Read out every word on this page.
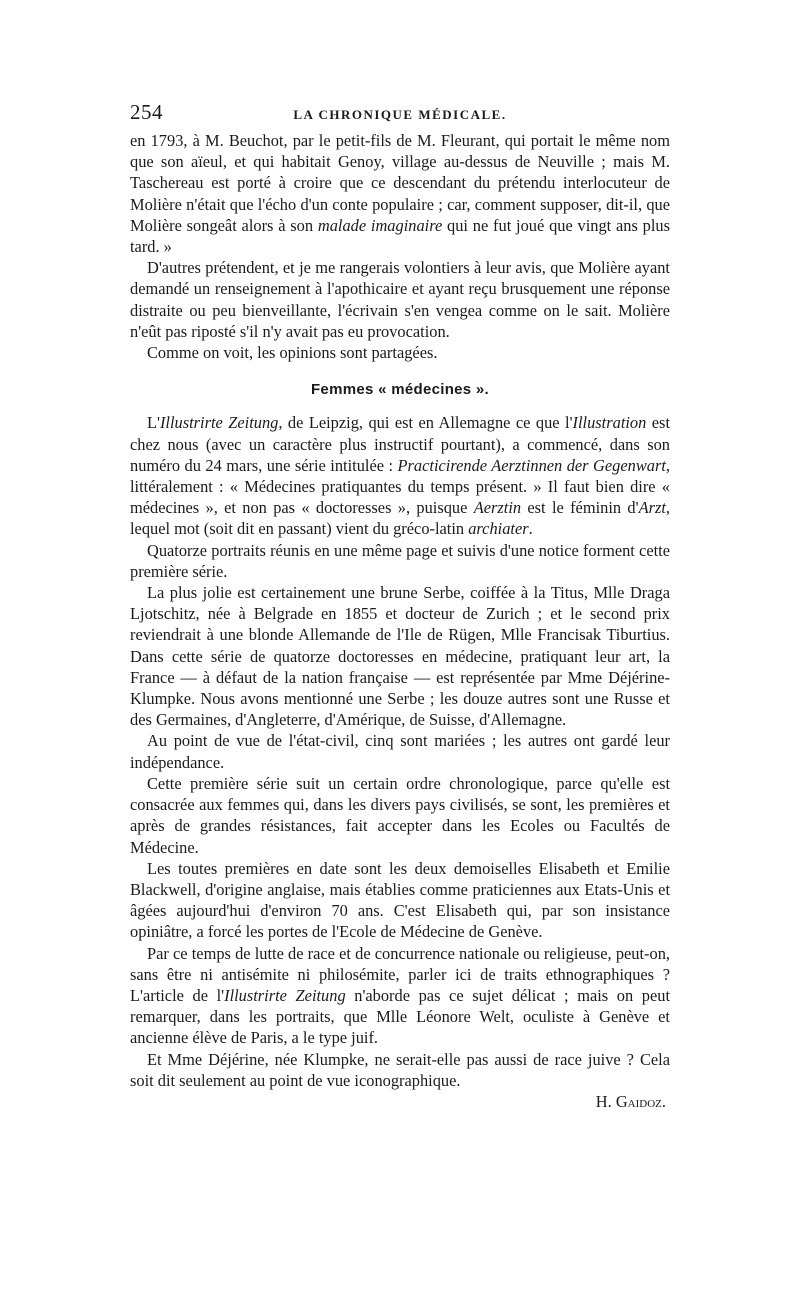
254	LA CHRONIQUE MÉDICALE.

en 1793, à M. Beuchot, par le petit-fils de M. Fleurant, qui portait le même nom que son aïeul, et qui habitait Genoy, village au-dessus de Neuville ; mais M. Taschereau est porté à croire que ce descendant du prétendu interlocuteur de Molière n'était que l'écho d'un conte populaire ; car, comment supposer, dit-il, que Molière songeât alors à son malade imaginaire qui ne fut joué que vingt ans plus tard. »

D'autres prétendent, et je me rangerais volontiers à leur avis, que Molière ayant demandé un renseignement à l'apothicaire et ayant reçu brusquement une réponse distraite ou peu bienveillante, l'écrivain s'en vengea comme on le sait. Molière n'eût pas riposté s'il n'y avait pas eu provocation.

Comme on voit, les opinions sont partagées.

Femmes « médecines ».

L'Illustrirte Zeitung, de Leipzig, qui est en Allemagne ce que l'Illustration est chez nous (avec un caractère plus instructif pourtant), a commencé, dans son numéro du 24 mars, une série intitulée : Practicirende Aerztinnen der Gegenwart, littéralement : « Médecines pratiquantes du temps présent. » Il faut bien dire « médecines », et non pas « doctoresses », puisque Aerztin est le féminin d'Arzt, lequel mot (soit dit en passant) vient du gréco-latin archiater.

Quatorze portraits réunis en une même page et suivis d'une notice forment cette première série.

La plus jolie est certainement une brune Serbe, coiffée à la Titus, Mlle Draga Ljotschitz, née à Belgrade en 1855 et docteur de Zurich ; et le second prix reviendrait à une blonde Allemande de l'Ile de Rügen, Mlle Francisak Tiburtius. Dans cette série de quatorze doctoresses en médecine, pratiquant leur art, la France — à défaut de la nation française — est représentée par Mme Déjérine-Klumpke. Nous avons mentionné une Serbe ; les douze autres sont une Russe et des Germaines, d'Angleterre, d'Amérique, de Suisse, d'Allemagne.

Au point de vue de l'état-civil, cinq sont mariées ; les autres ont gardé leur indépendance.

Cette première série suit un certain ordre chronologique, parce qu'elle est consacrée aux femmes qui, dans les divers pays civilisés, se sont, les premières et après de grandes résistances, fait accepter dans les Ecoles ou Facultés de Médecine.

Les toutes premières en date sont les deux demoiselles Elisabeth et Emilie Blackwell, d'origine anglaise, mais établies comme praticiennes aux Etats-Unis et âgées aujourd'hui d'environ 70 ans. C'est Elisabeth qui, par son insistance opiniâtre, a forcé les portes de l'Ecole de Médecine de Genève.

Par ce temps de lutte de race et de concurrence nationale ou religieuse, peut-on, sans être ni antisémite ni philosémite, parler ici de traits ethnographiques ? L'article de l'Illustrirte Zeitung n'aborde pas ce sujet délicat ; mais on peut remarquer, dans les portraits, que Mlle Léonore Welt, oculiste à Genève et ancienne élève de Paris, a le type juif.

Et Mme Déjérine, née Klumpke, ne serait-elle pas aussi de race juive ? Cela soit dit seulement au point de vue iconographique.

H. Gaidoz.
